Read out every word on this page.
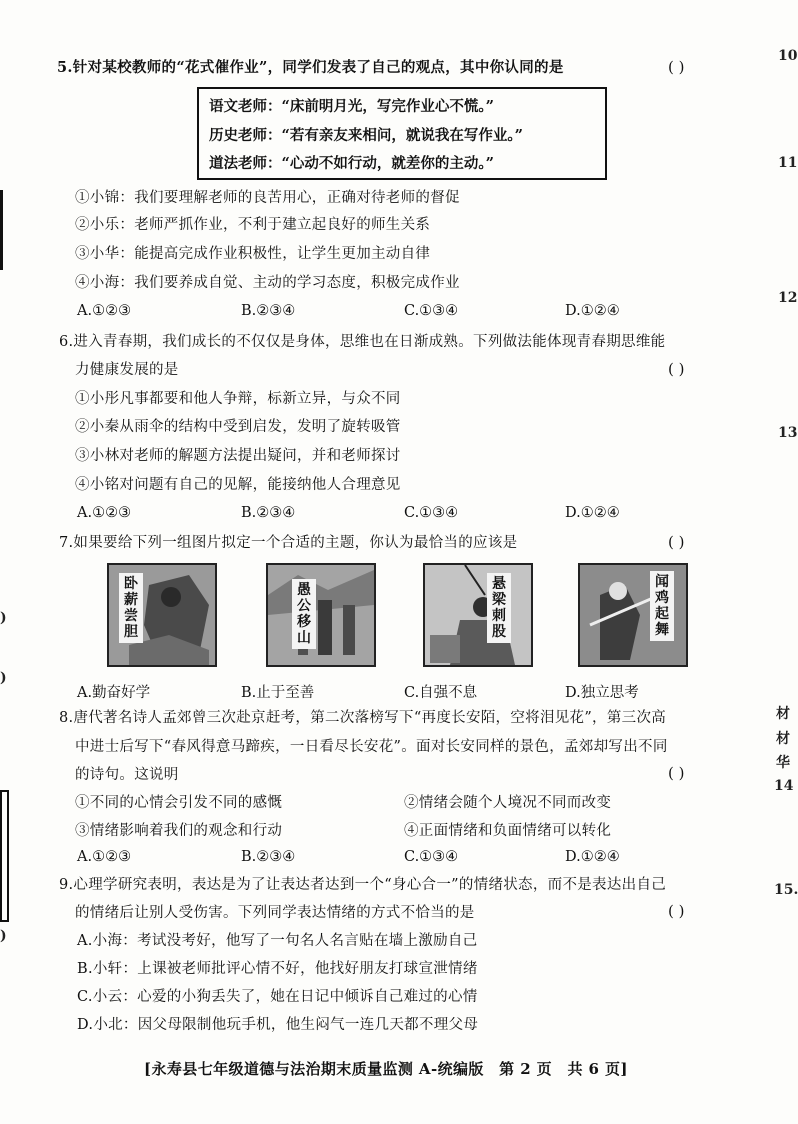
)
)
)
10
11
12
13
材
材
华
14
15.
5.针对某校教师的“花式催作业”，同学们发表了自己的观点，其中你认同的是	( )
语文老师：“床前明月光，写完作业心不慌。”
历史老师：“若有亲友来相问，就说我在写作业。”
道法老师：“心动不如行动，就差你的主动。”
①小锦：我们要理解老师的良苦用心，正确对待老师的督促
②小乐：老师严抓作业，不利于建立起良好的师生关系
③小华：能提高完成作业积极性，让学生更加主动自律
④小海：我们要养成自觉、主动的学习态度，积极完成作业
A.①②③	B.②③④	C.①③④	D.①②④
6.进入青春期，我们成长的不仅仅是身体，思维也在日渐成熟。下列做法能体现青春期思维能
力健康发展的是	( )
①小彤凡事都要和他人争辩，标新立异，与众不同
②小秦从雨伞的结构中受到启发，发明了旋转吸管
③小林对老师的解题方法提出疑问，并和老师探讨
④小铭对问题有自己的见解，能接纳他人合理意见
A.①②③	B.②③④	C.①③④	D.①②④
7.如果要给下列一组图片拟定一个合适的主题，你认为最恰当的应该是	( )
卧薪
尝胆
愚公
移山
悬梁
刺股
闻鸡
起舞
A.勤奋好学	B.止于至善	C.自强不息	D.独立思考
8.唐代著名诗人孟郊曾三次赴京赶考，第二次落榜写下“再度长安陌，空将泪见花”，第三次高
中进士后写下“春风得意马蹄疾，一日看尽长安花”。面对长安同样的景色，孟郊却写出不同
的诗句。这说明	( )
①不同的心情会引发不同的感慨	②情绪会随个人境况不同而改变
③情绪影响着我们的观念和行动	④正面情绪和负面情绪可以转化
A.①②③	B.②③④	C.①③④	D.①②④
9.心理学研究表明，表达是为了让表达者达到一个“身心合一”的情绪状态，而不是表达出自己
的情绪后让别人受伤害。下列同学表达情绪的方式不恰当的是	( )
A.小海：考试没考好，他写了一句名人名言贴在墙上激励自己
B.小轩：上课被老师批评心情不好，他找好朋友打球宣泄情绪
C.小云：心爱的小狗丢失了，她在日记中倾诉自己难过的心情
D.小北：因父母限制他玩手机，他生闷气一连几天都不理父母
[永寿县七年级道德与法治期末质量监测 A-统编版　第 2 页　共 6 页]
